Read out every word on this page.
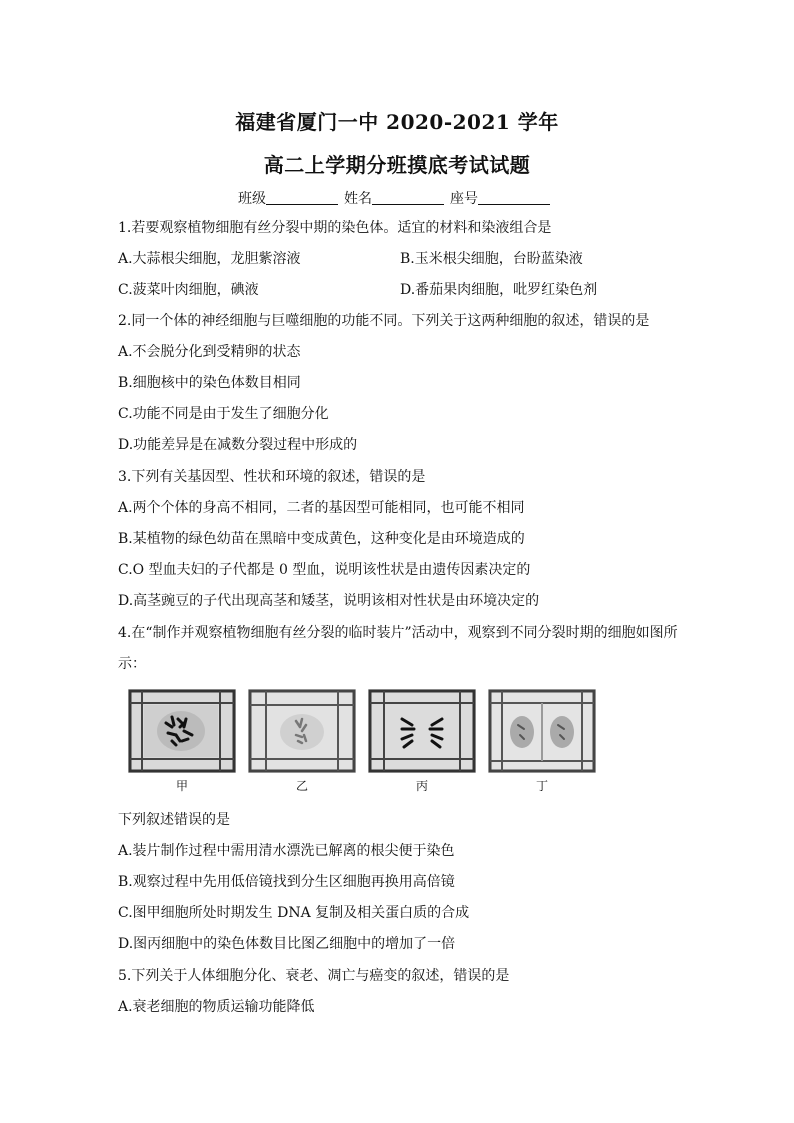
福建省厦门一中 2020-2021 学年
高二上学期分班摸底考试试题
班级	姓名	座号
1.若要观察植物细胞有丝分裂中期的染色体。适宜的材料和染液组合是
A.大蒜根尖细胞，龙胆紫溶液	B.玉米根尖细胞，台盼蓝染液
C.菠菜叶肉细胞，碘液	D.番茄果肉细胞，吡罗红染色剂
2.同一个体的神经细胞与巨噬细胞的功能不同。下列关于这两种细胞的叙述，错误的是
A.不会脱分化到受精卵的状态
B.细胞核中的染色体数目相同
C.功能不同是由于发生了细胞分化
D.功能差异是在减数分裂过程中形成的
3.下列有关基因型、性状和环境的叙述，错误的是
A.两个个体的身高不相同，二者的基因型可能相同，也可能不相同
B.某植物的绿色幼苗在黑暗中变成黄色，这种变化是由环境造成的
C.O 型血夫妇的子代都是 0 型血，说明该性状是由遗传因素决定的
D.高茎豌豆的子代出现高茎和矮茎，说明该相对性状是由环境决定的
4.在“制作并观察植物细胞有丝分裂的临时装片”活动中，观察到不同分裂时期的细胞如图所
示：
甲	乙	丙	丁
下列叙述错误的是
A.装片制作过程中需用清水漂洗已解离的根尖便于染色
B.观察过程中先用低倍镜找到分生区细胞再换用高倍镜
C.图甲细胞所处时期发生 DNA 复制及相关蛋白质的合成
D.图丙细胞中的染色体数目比图乙细胞中的增加了一倍
5.下列关于人体细胞分化、衰老、凋亡与癌变的叙述，错误的是
A.衰老细胞的物质运输功能降低
